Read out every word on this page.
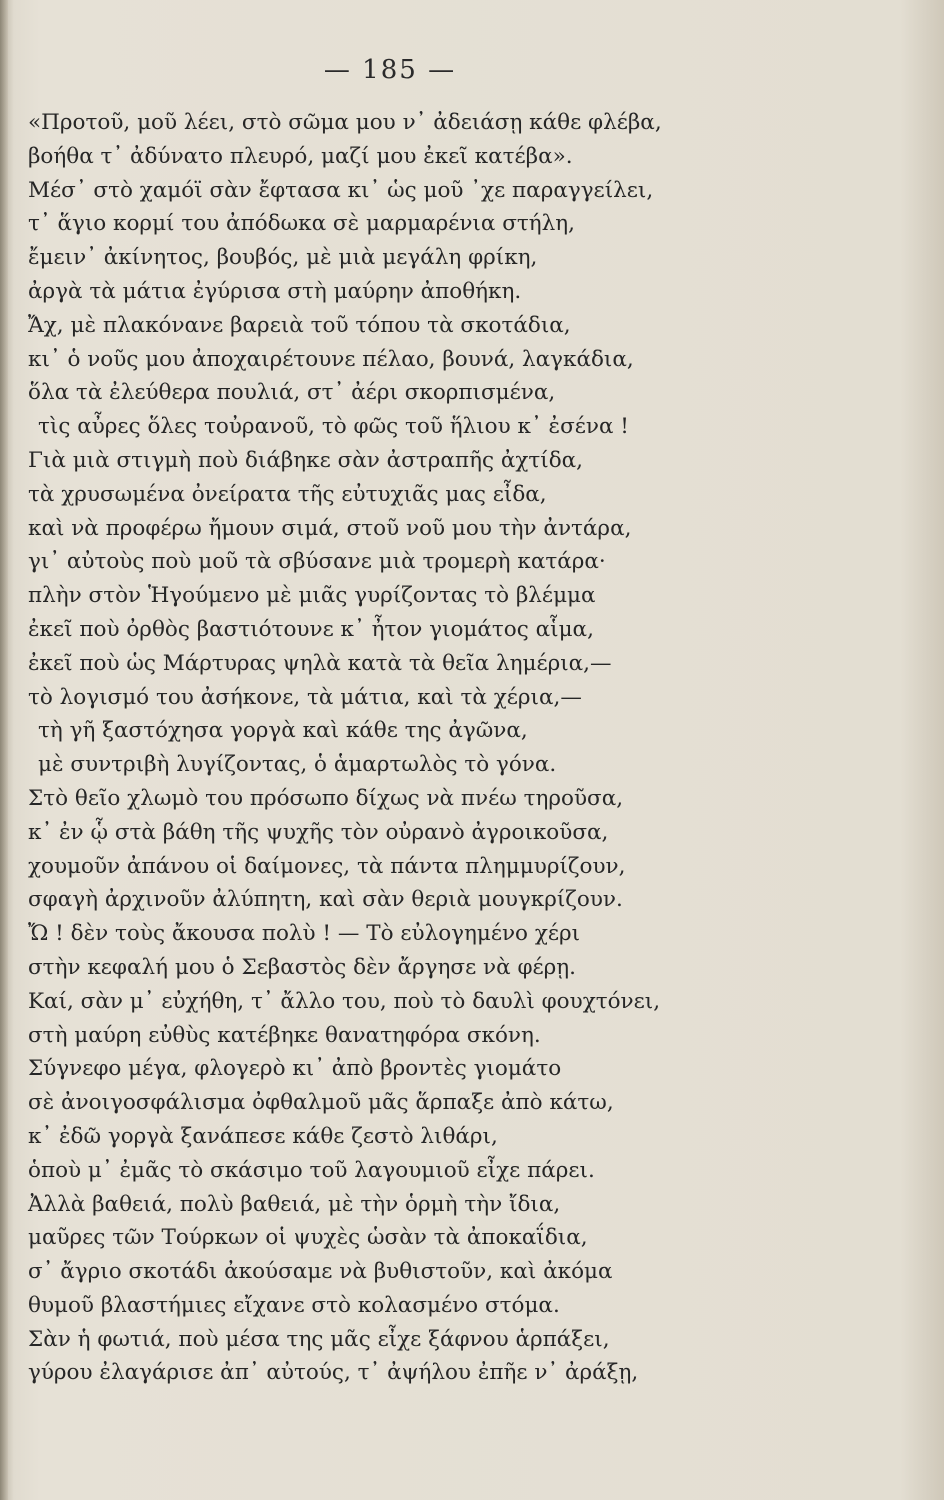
— 185 —
«Προτοῦ, μοῦ λέει, στὸ σῶμα μου ν᾿ ἀδειάσῃ κάθε φλέβα,
βοήθα τ᾿ ἀδύνατο πλευρό, μαζί μου ἐκεῖ κατέβα».
Μέσ᾿ στὸ χαμόϊ σὰν ἔφτασα κι᾿ ὡς μοῦ ᾿χε παραγγείλει,
τ᾿ ἅγιο κορμί του ἀπόδωκα σὲ μαρμαρένια στήλη,
ἔμειν᾿ ἀκίνητος, βουβός, μὲ μιὰ μεγάλη φρίκη,
ἀργὰ τὰ μάτια ἐγύρισα στὴ μαύρην ἀποθήκη.
Ἄχ, μὲ πλακόνανε βαρειὰ τοῦ τόπου τὰ σκοτάδια,
κι᾿ ὁ νοῦς μου ἀποχαιρέτουνε πέλαο, βουνά, λαγκάδια,
ὅλα τὰ ἐλεύθερα πουλιά, στ᾿ ἀέρι σκορπισμένα,
τὶς αὖρες ὅλες τοὐρανοῦ, τὸ φῶς τοῦ ἥλιου κ᾿ ἐσένα !
Γιὰ μιὰ στιγμὴ ποὺ διάβηκε σὰν ἀστραπῆς ἀχτίδα,
τὰ χρυσωμένα ὀνείρατα τῆς εὐτυχιᾶς μας εἶδα,
καὶ νὰ προφέρω ἤμουν σιμά, στοῦ νοῦ μου τὴν ἀντάρα,
γι᾿ αὐτοὺς ποὺ μοῦ τὰ σβύσανε μιὰ τρομερὴ κατάρα·
πλὴν στὸν Ἡγούμενο μὲ μιᾶς γυρίζοντας τὸ βλέμμα
ἐκεῖ ποὺ ὀρθὸς βαστιότουνε κ᾿ ἦτον γιομάτος αἷμα,
ἐκεῖ ποὺ ὡς Μάρτυρας ψηλὰ κατὰ τὰ θεῖα λημέρια,—
τὸ λογισμό του ἀσήκονε, τὰ μάτια, καὶ τὰ χέρια,—
τὴ γῆ ξαστόχησα γοργὰ καὶ κάθε της ἀγῶνα,
μὲ συντριβὴ λυγίζοντας, ὁ ἁμαρτωλὸς τὸ γόνα.
Στὸ θεῖο χλωμὸ του πρόσωπο δίχως νὰ πνέω τηροῦσα,
κ᾿ ἐν ᾧ στὰ βάθη τῆς ψυχῆς τὸν οὐρανὸ ἀγροικοῦσα,
χουμοῦν ἀπάνου οἱ δαίμονες, τὰ πάντα πλημμυρίζουν,
σφαγὴ ἀρχινοῦν ἀλύπητη, καὶ σὰν θεριὰ μουγκρίζουν.
Ὤ ! δὲν τοὺς ἄκουσα πολὺ ! — Τὸ εὐλογημένο χέρι
στὴν κεφαλή μου ὁ Σεβαστὸς δὲν ἄργησε νὰ φέρῃ.
Καί, σὰν μ᾿ εὐχήθη, τ᾿ ἄλλο του, ποὺ τὸ δαυλὶ φουχτόνει,
στὴ μαύρη εὐθὺς κατέβηκε θανατηφόρα σκόνη.
Σύγνεφο μέγα, φλογερὸ κι᾿ ἀπὸ βροντὲς γιομάτο
σὲ ἀνοιγοσφάλισμα ὀφθαλμοῦ μᾶς ἅρπαξε ἀπὸ κάτω,
κ᾿ ἐδῶ γοργὰ ξανάπεσε κάθε ζεστὸ λιθάρι,
ὁποὺ μ᾿ ἐμᾶς τὸ σκάσιμο τοῦ λαγουμιοῦ εἶχε πάρει.
Ἀλλὰ βαθειά, πολὺ βαθειά, μὲ τὴν ὁρμὴ τὴν ἴδια,
μαῦρες τῶν Τούρκων οἱ ψυχὲς ὡσὰν τὰ ἀποκαΐδια,
σ᾿ ἄγριο σκοτάδι ἀκούσαμε νὰ βυθιστοῦν, καὶ ἀκόμα
θυμοῦ βλαστήμιες εἴχανε στὸ κολασμένο στόμα.
Σὰν ἡ φωτιά, ποὺ μέσα της μᾶς εἶχε ξάφνου ἁρπάξει,
γύρου ἐλαγάρισε ἀπ᾿ αὐτούς, τ᾿ ἀψήλου ἐπῆε ν᾿ ἀράξῃ,
